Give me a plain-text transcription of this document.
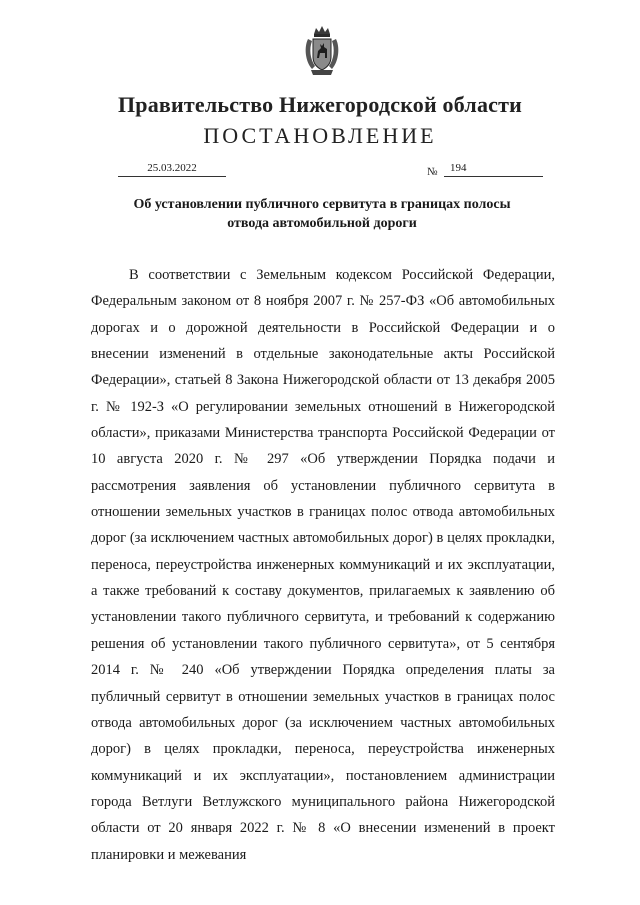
Правительство Нижегородской области
ПОСТАНОВЛЕНИЕ
25.03.2022	№	194
Об установлении публичного сервитута в границах полосы
отвода автомобильной дороги

В соответствии с Земельным кодексом Российской Федерации, Федеральным законом от 8 ноября 2007 г. № 257-ФЗ «Об автомобильных дорогах и о дорожной деятельности в Российской Федерации и о внесении изменений в отдельные законодательные акты Российской Федерации», статьей 8 Закона Нижегородской области от 13 декабря 2005 г. № 192-З «О регулировании земельных отношений в Нижегородской области», приказами Министерства транспорта Российской Федерации от 10 августа 2020 г. № 297 «Об утверждении Порядка подачи и рассмотрения заявления об установлении публичного сервитута в отношении земельных участков в границах полос отвода автомобильных дорог (за исключением частных автомобильных дорог) в целях прокладки, переноса, переустройства инженерных коммуникаций и их эксплуатации, а также требований к составу документов, прилагаемых к заявлению об установлении такого публичного сервитута, и требований к содержанию решения об установлении такого публичного сервитута», от 5 сентября 2014 г. № 240 «Об утверждении Порядка определения платы за публичный сервитут в отношении земельных участков в границах полос отвода автомобильных дорог (за исключением частных автомобильных дорог) в целях прокладки, переноса, переустройства инженерных коммуникаций и их эксплуатации», постановлением администрации города Ветлуги Ветлужского муниципального района Нижегородской области от 20 января 2022 г. № 8 «О внесении изменений в проект планировки и межевания
